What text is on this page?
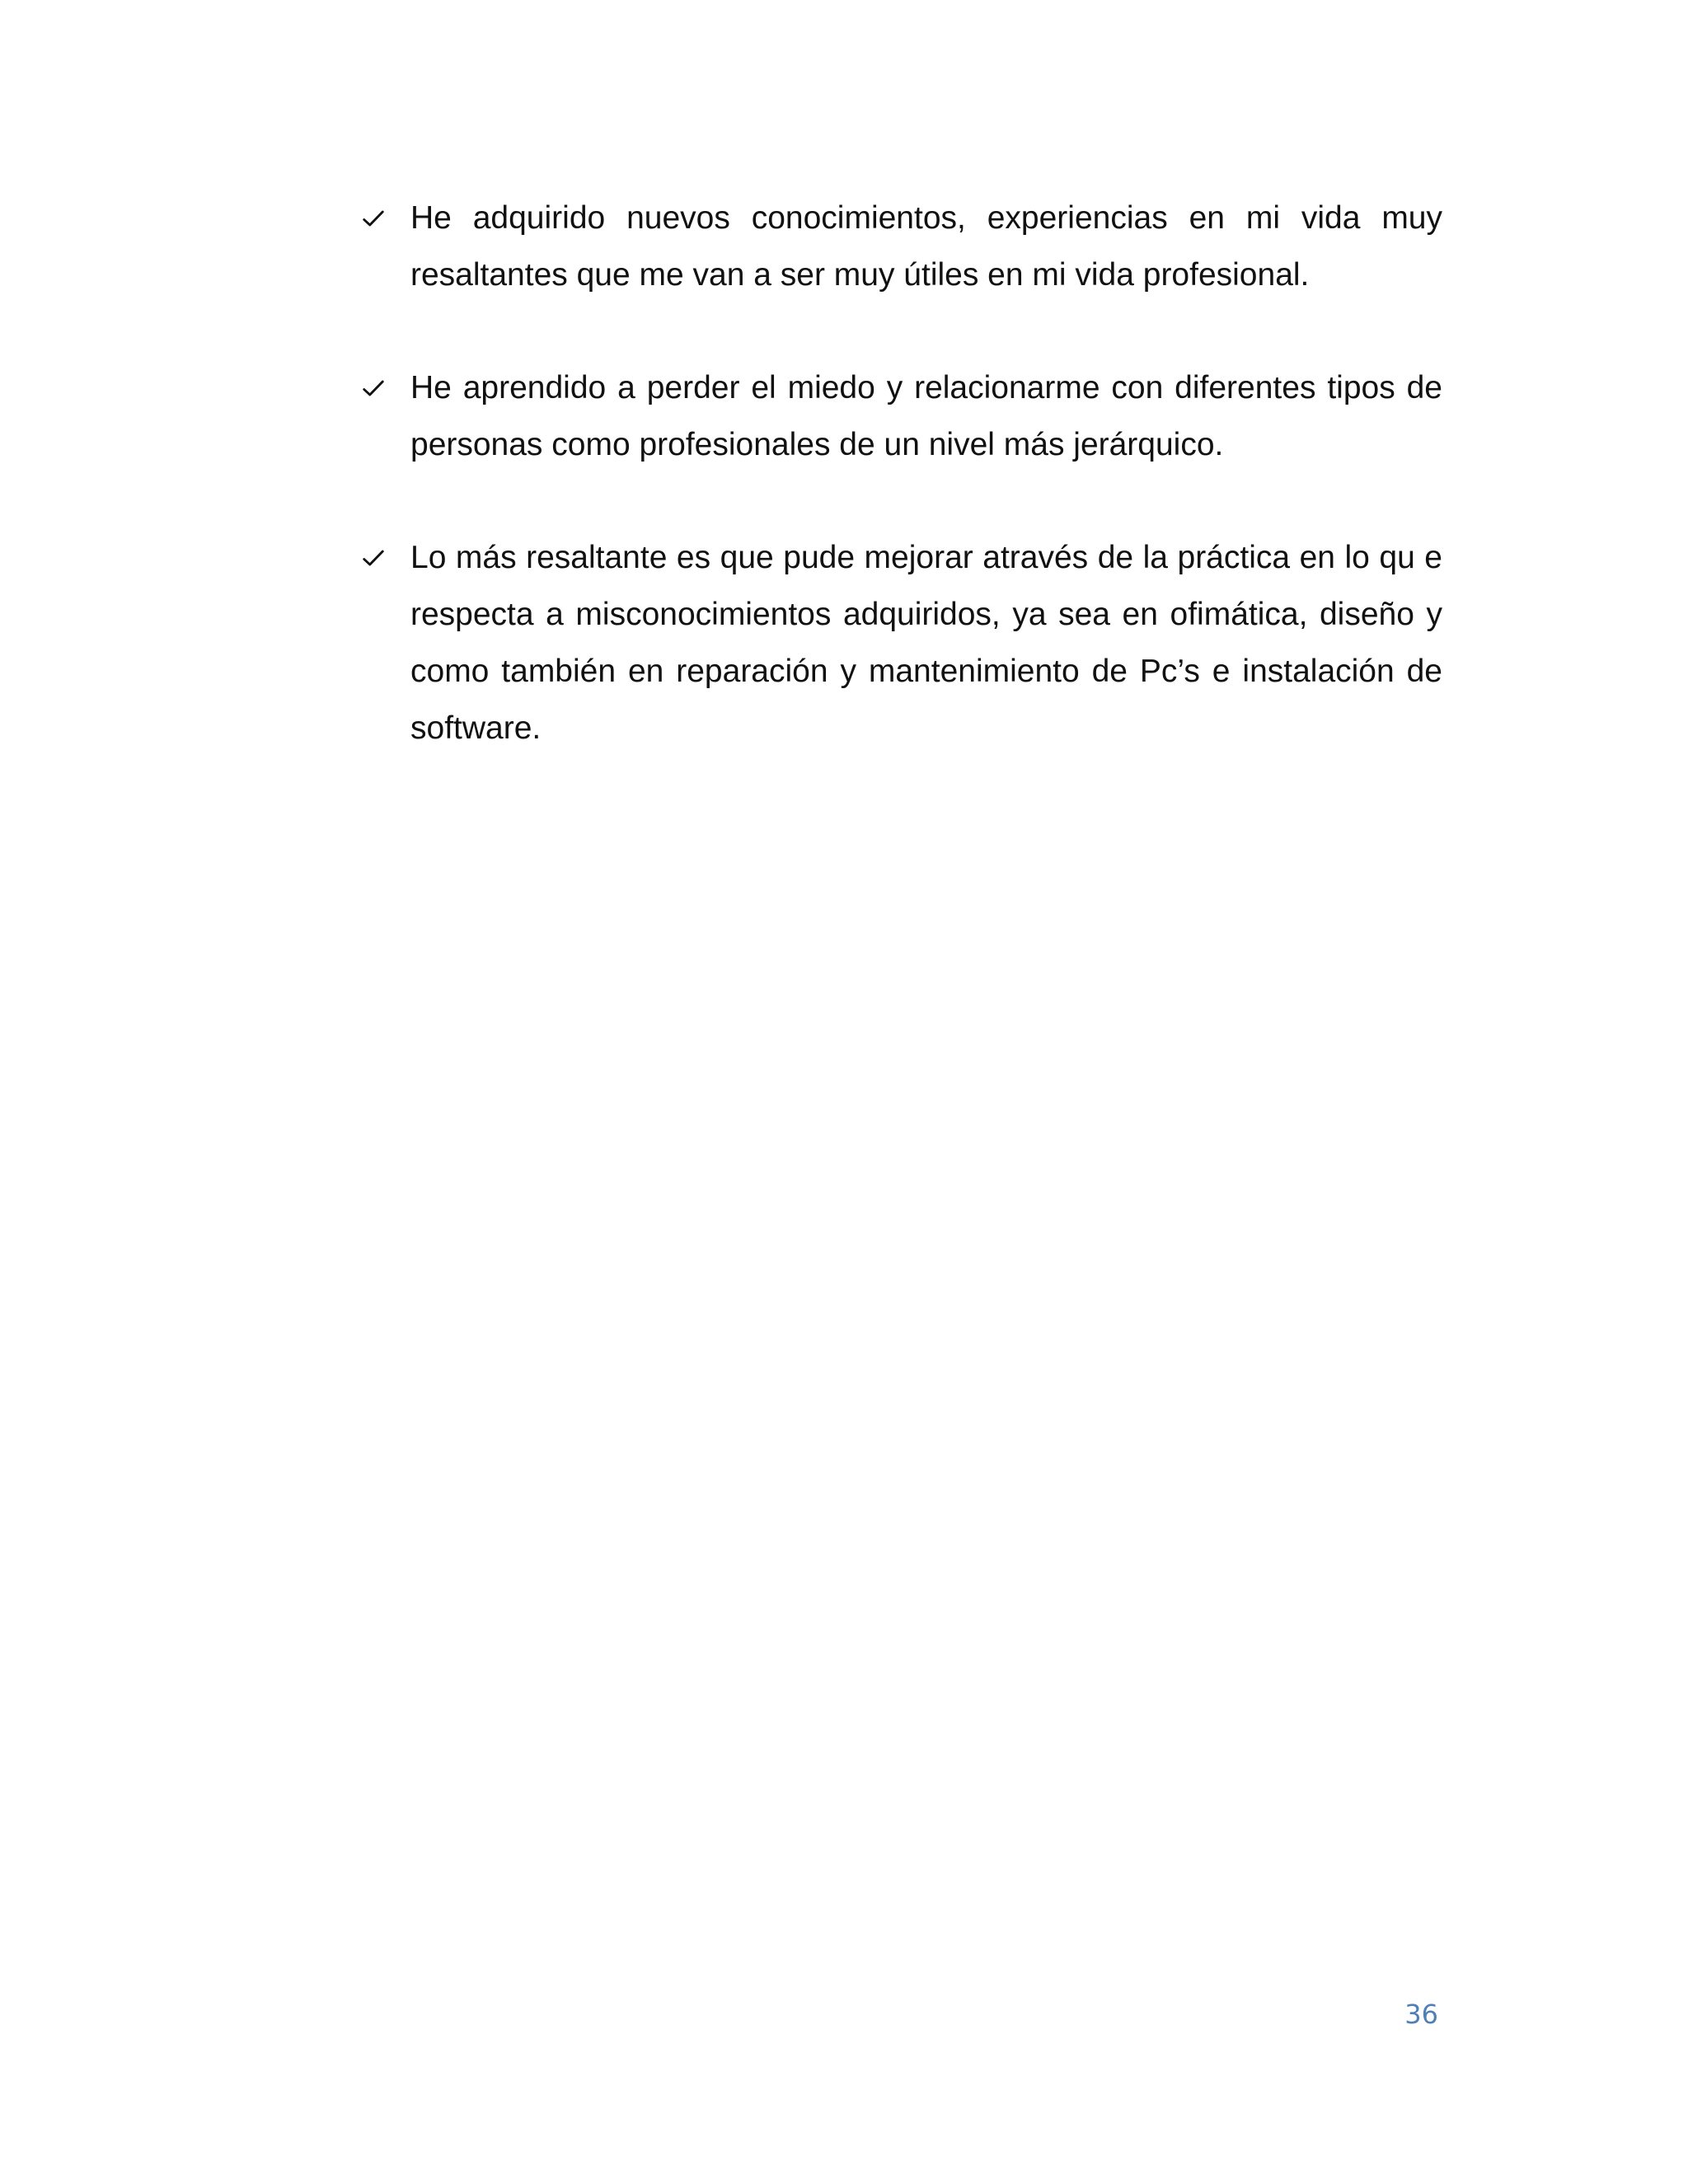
He adquirido nuevos conocimientos, experiencias en mi vida muy resaltantes que me van a ser muy útiles en mi vida profesional.
He aprendido a perder el miedo y relacionarme con diferentes tipos de personas como profesionales de un nivel más jerárquico.
Lo más resaltante es que pude mejorar através de la práctica en lo qu e respecta a misconocimientos adquiridos, ya sea en ofimática, diseño y como también en reparación y mantenimiento de Pc’s e instalación de software.
36
